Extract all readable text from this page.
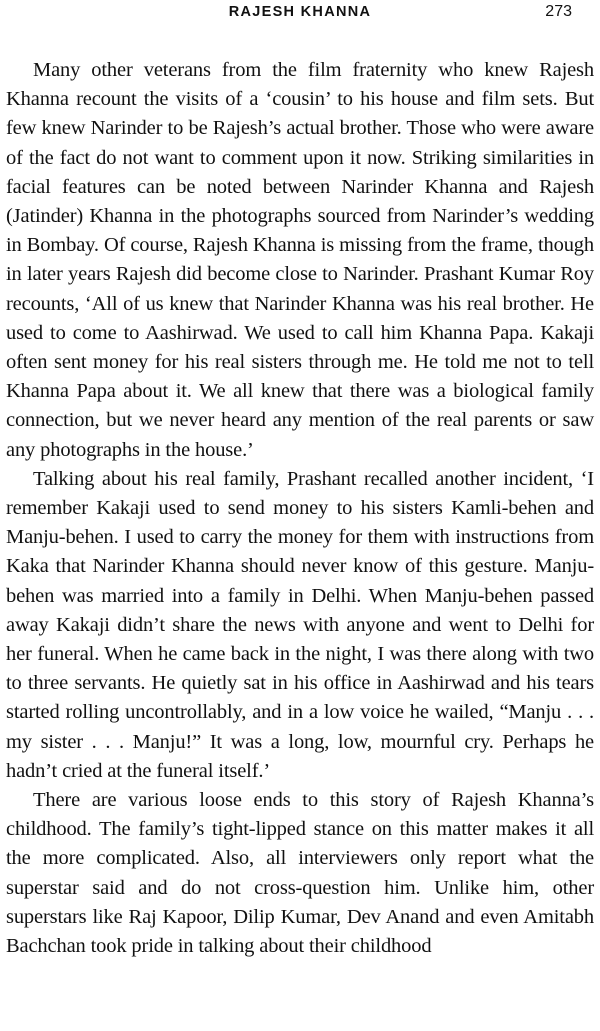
RAJESH KHANNA	273

Many other veterans from the film fraternity who knew Rajesh Khanna recount the visits of a ‘cousin’ to his house and film sets. But few knew Narinder to be Rajesh’s actual brother. Those who were aware of the fact do not want to comment upon it now. Striking similarities in facial features can be noted between Narinder Khanna and Rajesh (Jatinder) Khanna in the photographs sourced from Narinder’s wedding in Bombay. Of course, Rajesh Khanna is missing from the frame, though in later years Rajesh did become close to Narinder. Prashant Kumar Roy recounts, ‘All of us knew that Narinder Khanna was his real brother. He used to come to Aashirwad. We used to call him Khanna Papa. Kakaji often sent money for his real sisters through me. He told me not to tell Khanna Papa about it. We all knew that there was a biological family connection, but we never heard any mention of the real parents or saw any photographs in the house.’

Talking about his real family, Prashant recalled another incident, ‘I remember Kakaji used to send money to his sisters Kamli-behen and Manju-behen. I used to carry the money for them with instructions from Kaka that Narinder Khanna should never know of this gesture. Manju-behen was married into a family in Delhi. When Manju-behen passed away Kakaji didn’t share the news with anyone and went to Delhi for her funeral. When he came back in the night, I was there along with two to three servants. He quietly sat in his office in Aashirwad and his tears started rolling uncontrollably, and in a low voice he wailed, “Manju . . . my sister . . . Manju!” It was a long, low, mournful cry. Perhaps he hadn’t cried at the funeral itself.’

There are various loose ends to this story of Rajesh Khanna’s childhood. The family’s tight-lipped stance on this matter makes it all the more complicated. Also, all interviewers only report what the superstar said and do not cross-question him. Unlike him, other superstars like Raj Kapoor, Dilip Kumar, Dev Anand and even Amitabh Bachchan took pride in talking about their childhood
